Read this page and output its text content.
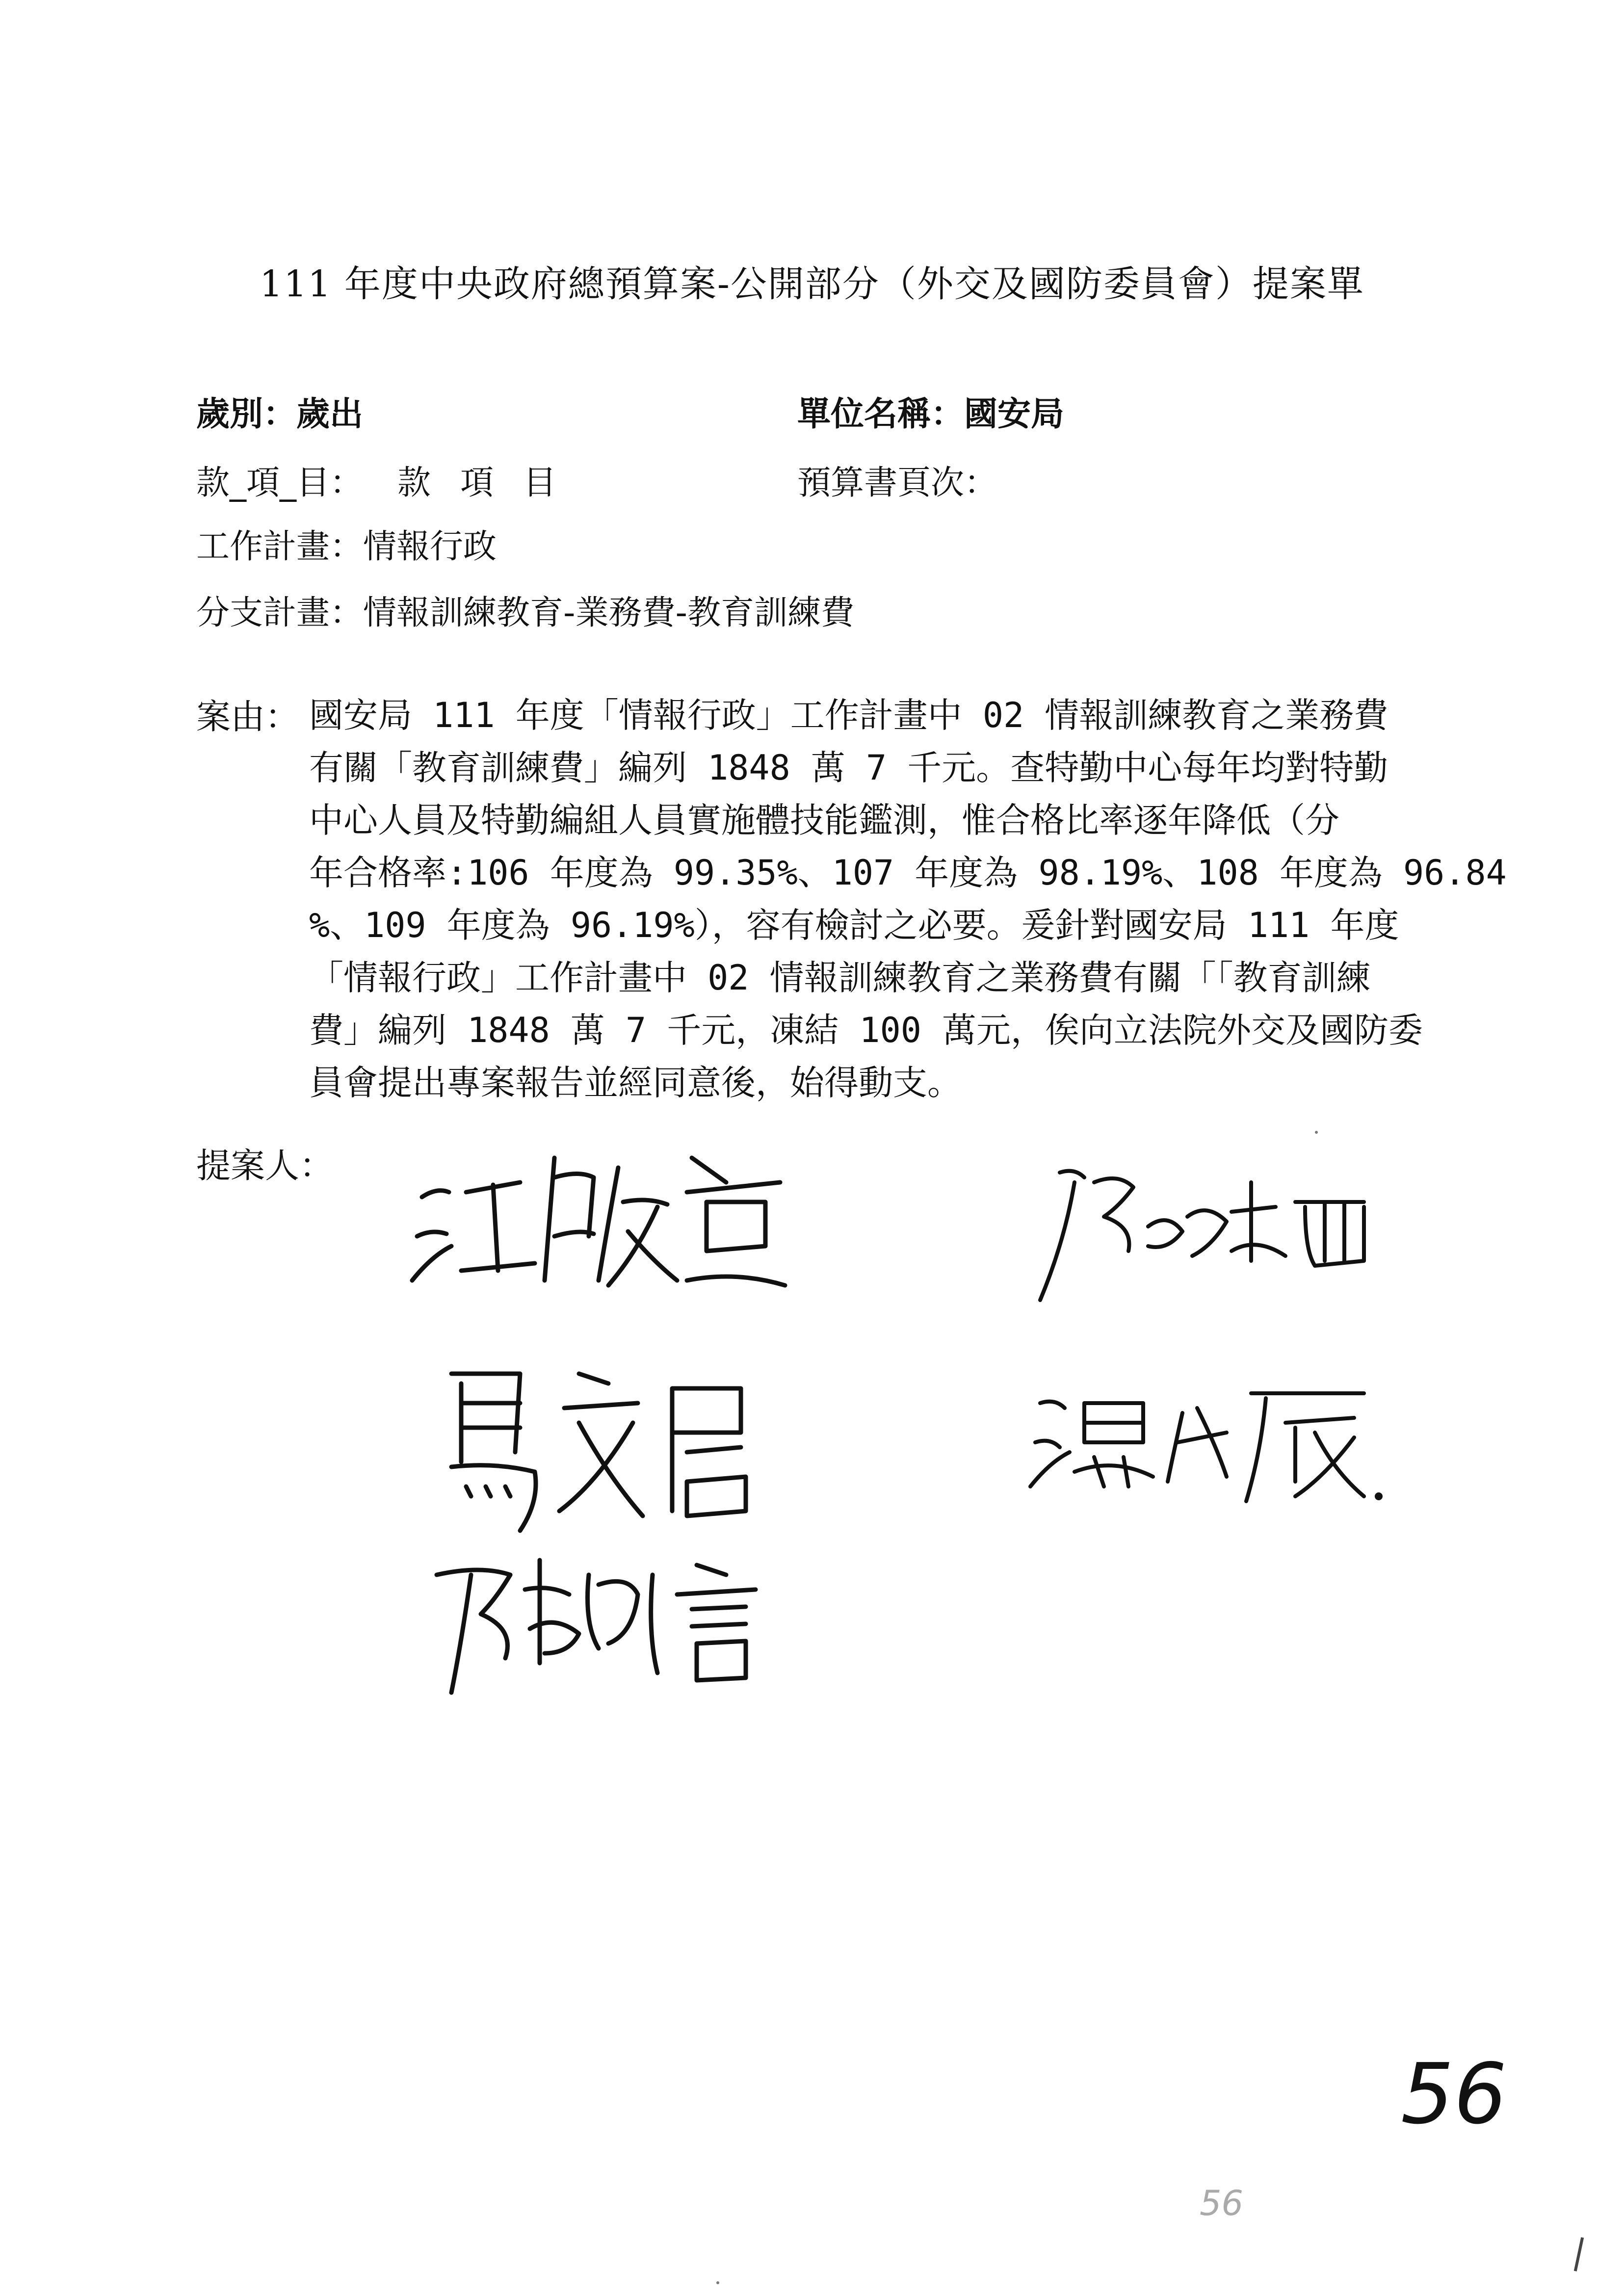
111 年度中央政府總預算案-公開部分（外交及國防委員會）提案單
歲別：歲出	單位名稱：國安局
款_項_目： 款 項 目	預算書頁次：
工作計畫：情報行政
分支計畫：情報訓練教育-業務費-教育訓練費
案由： 國安局 111 年度「情報行政」工作計畫中 02 情報訓練教育之業務費
有關「教育訓練費」編列 1848 萬 7 千元。查特勤中心每年均對特勤
中心人員及特勤編組人員實施體技能鑑測，惟合格比率逐年降低（分
年合格率:106 年度為 99.35%、107 年度為 98.19%、108 年度為 96.84
%、109 年度為 96.19%），容有檢討之必要。爰針對國安局 111 年度
「情報行政」工作計畫中 02 情報訓練教育之業務費有關「「教育訓練
費」編列 1848 萬 7 千元，凍結 100 萬元，俟向立法院外交及國防委
員會提出專案報告並經同意後，始得動支。
提案人：
56
56
